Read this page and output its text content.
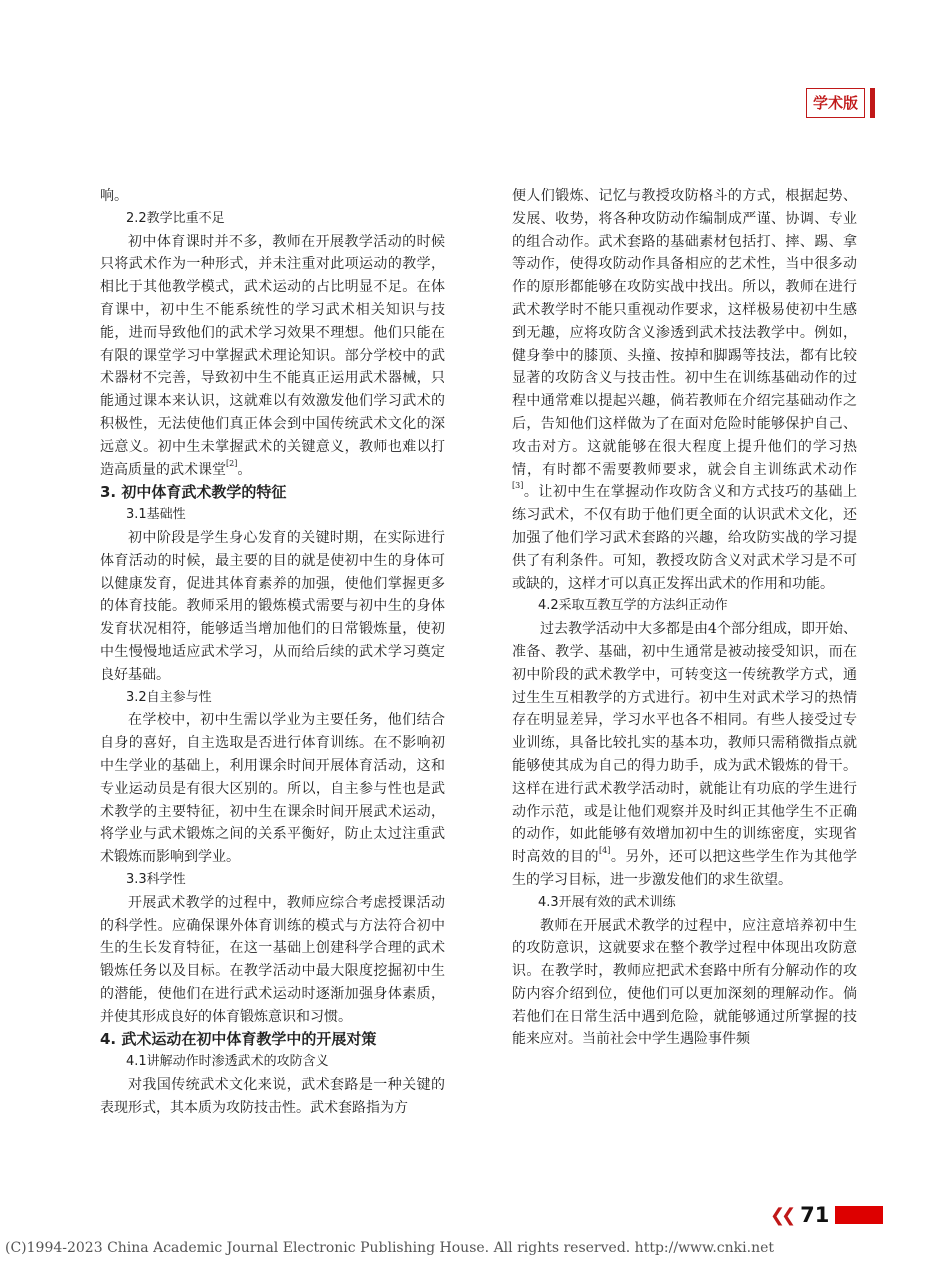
学术版

响。

2.2教学比重不足

初中体育课时并不多，教师在开展教学活动的时候只将武术作为一种形式，并未注重对此项运动的教学，相比于其他教学模式，武术运动的占比明显不足。在体育课中，初中生不能系统性的学习武术相关知识与技能，进而导致他们的武术学习效果不理想。他们只能在有限的课堂学习中掌握武术理论知识。部分学校中的武术器材不完善，导致初中生不能真正运用武术器械，只能通过课本来认识，这就难以有效激发他们学习武术的积极性，无法使他们真正体会到中国传统武术文化的深远意义。初中生未掌握武术的关键意义，教师也难以打造高质量的武术课堂[2]。

3. 初中体育武术教学的特征

3.1基础性

初中阶段是学生身心发育的关键时期，在实际进行体育活动的时候，最主要的目的就是使初中生的身体可以健康发育，促进其体育素养的加强，使他们掌握更多的体育技能。教师采用的锻炼模式需要与初中生的身体发育状况相符，能够适当增加他们的日常锻炼量，使初中生慢慢地适应武术学习，从而给后续的武术学习奠定良好基础。

3.2自主参与性

在学校中，初中生需以学业为主要任务，他们结合自身的喜好，自主选取是否进行体育训练。在不影响初中生学业的基础上，利用课余时间开展体育活动，这和专业运动员是有很大区别的。所以，自主参与性也是武术教学的主要特征，初中生在课余时间开展武术运动，将学业与武术锻炼之间的关系平衡好，防止太过注重武术锻炼而影响到学业。

3.3科学性

开展武术教学的过程中，教师应综合考虑授课活动的科学性。应确保课外体育训练的模式与方法符合初中生的生长发育特征，在这一基础上创建科学合理的武术锻炼任务以及目标。在教学活动中最大限度挖掘初中生的潜能，使他们在进行武术运动时逐渐加强身体素质，并使其形成良好的体育锻炼意识和习惯。

4. 武术运动在初中体育教学中的开展对策

4.1讲解动作时渗透武术的攻防含义

对我国传统武术文化来说，武术套路是一种关键的表现形式，其本质为攻防技击性。武术套路指为方

便人们锻炼、记忆与教授攻防格斗的方式，根据起势、发展、收势，将各种攻防动作编制成严谨、协调、专业的组合动作。武术套路的基础素材包括打、摔、踢、拿等动作，使得攻防动作具备相应的艺术性，当中很多动作的原形都能够在攻防实战中找出。所以，教师在进行武术教学时不能只重视动作要求，这样极易使初中生感到无趣，应将攻防含义渗透到武术技法教学中。例如，健身拳中的膝顶、头撞、按掉和脚踢等技法，都有比较显著的攻防含义与技击性。初中生在训练基础动作的过程中通常难以提起兴趣，倘若教师在介绍完基础动作之后，告知他们这样做为了在面对危险时能够保护自己、攻击对方。这就能够在很大程度上提升他们的学习热情，有时都不需要教师要求，就会自主训练武术动作[3]。让初中生在掌握动作攻防含义和方式技巧的基础上练习武术，不仅有助于他们更全面的认识武术文化，还加强了他们学习武术套路的兴趣，给攻防实战的学习提供了有利条件。可知，教授攻防含义对武术学习是不可或缺的，这样才可以真正发挥出武术的作用和功能。

4.2采取互教互学的方法纠正动作

过去教学活动中大多都是由4个部分组成，即开始、准备、教学、基础，初中生通常是被动接受知识，而在初中阶段的武术教学中，可转变这一传统教学方式，通过生生互相教学的方式进行。初中生对武术学习的热情存在明显差异，学习水平也各不相同。有些人接受过专业训练，具备比较扎实的基本功，教师只需稍微指点就能够使其成为自己的得力助手，成为武术锻炼的骨干。这样在进行武术教学活动时，就能让有功底的学生进行动作示范，或是让他们观察并及时纠正其他学生不正确的动作，如此能够有效增加初中生的训练密度，实现省时高效的目的[4]。另外，还可以把这些学生作为其他学生的学习目标，进一步激发他们的求生欲望。

4.3开展有效的武术训练

教师在开展武术教学的过程中，应注意培养初中生的攻防意识，这就要求在整个教学过程中体现出攻防意识。在教学时，教师应把武术套路中所有分解动作的攻防内容介绍到位，使他们可以更加深刻的理解动作。倘若他们在日常生活中遇到危险，就能够通过所掌握的技能来应对。当前社会中学生遇险事件频

❮❮ 71
(C)1994-2023 China Academic Journal Electronic Publishing House. All rights reserved. http://www.cnki.net
